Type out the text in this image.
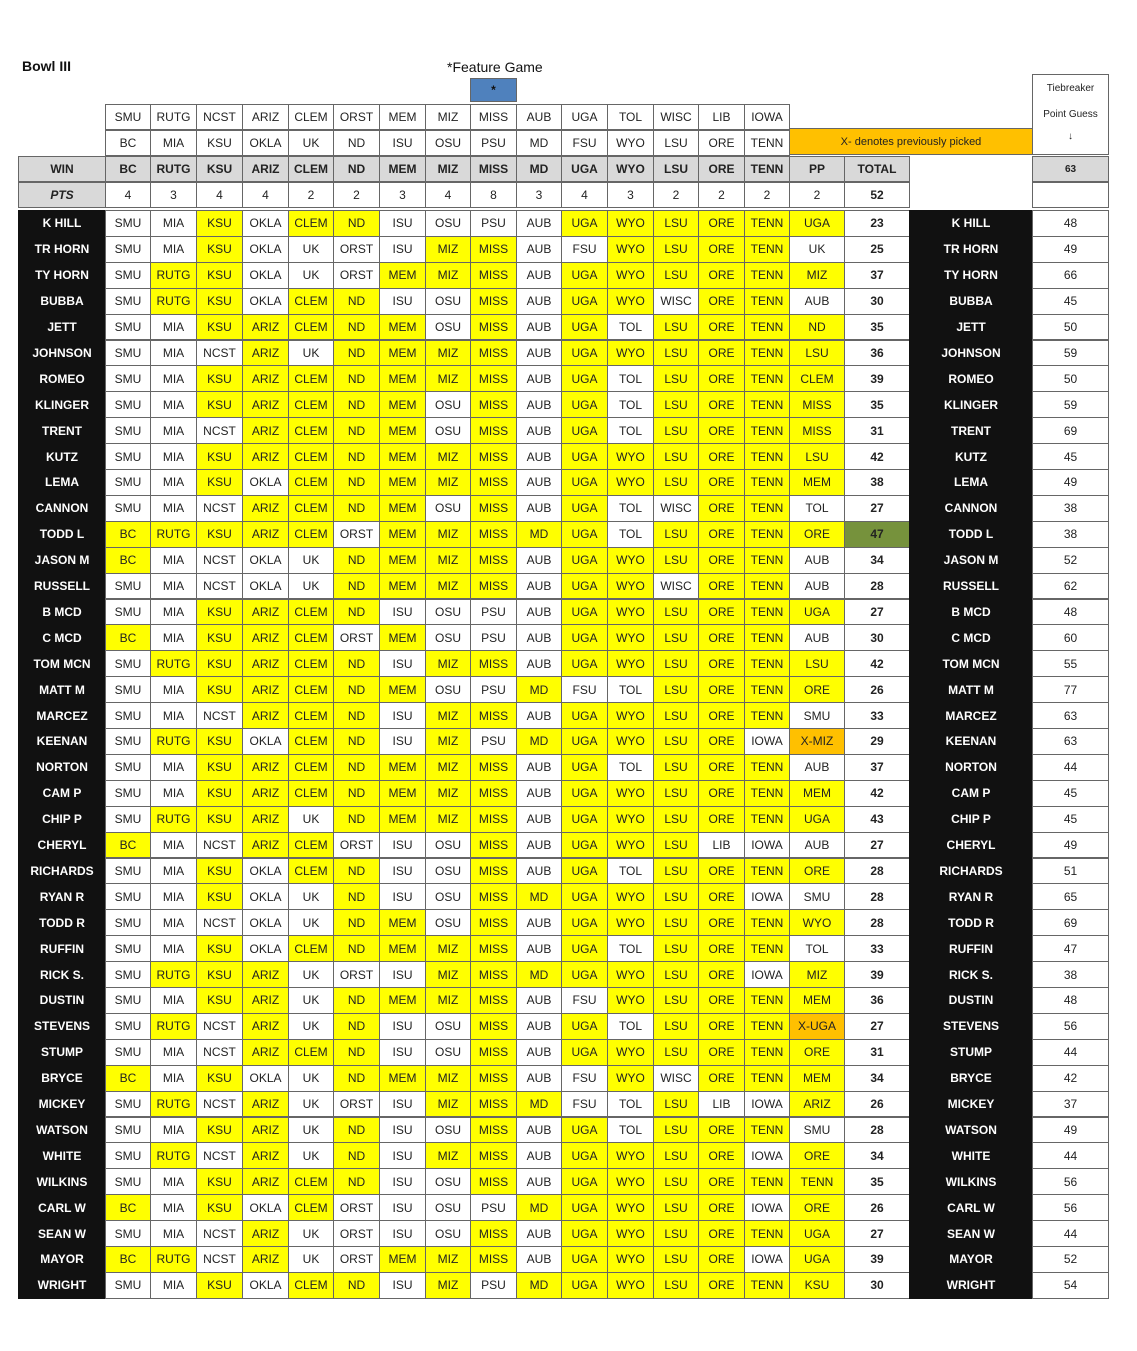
Bowl III	*Feature Game
*
SMU	RUTG	NCST	ARIZ	CLEM	ORST	MEM	MIZ	MISS	AUB	UGA	TOL	WISC	LIB	IOWA
BC	MIA	KSU	OKLA	UK	ND	ISU	OSU	PSU	MD	FSU	WYO	LSU	ORE	TENN	X- denotes previously picked
WIN	BC	RUTG	KSU	ARIZ	CLEM	ND	MEM	MIZ	MISS	MD	UGA	WYO	LSU	ORE	TENN	PP	TOTAL
PTS	4	3	4	4	2	2	3	4	8	3	4	3	2	2	2	2	52
Tiebreaker
Point Guess
↓
63
K HILL	SMU	MIA	KSU	OKLA	CLEM	ND	ISU	OSU	PSU	AUB	UGA	WYO	LSU	ORE	TENN	UGA	23	K HILL	48
TR HORN	SMU	MIA	KSU	OKLA	UK	ORST	ISU	MIZ	MISS	AUB	FSU	WYO	LSU	ORE	TENN	UK	25	TR HORN	49
TY HORN	SMU	RUTG	KSU	OKLA	UK	ORST	MEM	MIZ	MISS	AUB	UGA	WYO	LSU	ORE	TENN	MIZ	37	TY HORN	66
BUBBA	SMU	RUTG	KSU	OKLA	CLEM	ND	ISU	OSU	MISS	AUB	UGA	WYO	WISC	ORE	TENN	AUB	30	BUBBA	45
JETT	SMU	MIA	KSU	ARIZ	CLEM	ND	MEM	OSU	MISS	AUB	UGA	TOL	LSU	ORE	TENN	ND	35	JETT	50
JOHNSON	SMU	MIA	NCST	ARIZ	UK	ND	MEM	MIZ	MISS	AUB	UGA	WYO	LSU	ORE	TENN	LSU	36	JOHNSON	59
ROMEO	SMU	MIA	KSU	ARIZ	CLEM	ND	MEM	MIZ	MISS	AUB	UGA	TOL	LSU	ORE	TENN	CLEM	39	ROMEO	50
KLINGER	SMU	MIA	KSU	ARIZ	CLEM	ND	MEM	OSU	MISS	AUB	UGA	TOL	LSU	ORE	TENN	MISS	35	KLINGER	59
TRENT	SMU	MIA	NCST	ARIZ	CLEM	ND	MEM	OSU	MISS	AUB	UGA	TOL	LSU	ORE	TENN	MISS	31	TRENT	69
KUTZ	SMU	MIA	KSU	ARIZ	CLEM	ND	MEM	MIZ	MISS	AUB	UGA	WYO	LSU	ORE	TENN	LSU	42	KUTZ	45
LEMA	SMU	MIA	KSU	OKLA	CLEM	ND	MEM	MIZ	MISS	AUB	UGA	WYO	LSU	ORE	TENN	MEM	38	LEMA	49
CANNON	SMU	MIA	NCST	ARIZ	CLEM	ND	MEM	OSU	MISS	AUB	UGA	TOL	WISC	ORE	TENN	TOL	27	CANNON	38
TODD L	BC	RUTG	KSU	ARIZ	CLEM	ORST	MEM	MIZ	MISS	MD	UGA	TOL	LSU	ORE	TENN	ORE	47	TODD L	38
JASON M	BC	MIA	NCST	OKLA	UK	ND	MEM	MIZ	MISS	AUB	UGA	WYO	LSU	ORE	TENN	AUB	34	JASON M	52
RUSSELL	SMU	MIA	NCST	OKLA	UK	ND	MEM	MIZ	MISS	AUB	UGA	WYO	WISC	ORE	TENN	AUB	28	RUSSELL	62
B MCD	SMU	MIA	KSU	ARIZ	CLEM	ND	ISU	OSU	PSU	AUB	UGA	WYO	LSU	ORE	TENN	UGA	27	B MCD	48
C MCD	BC	MIA	KSU	ARIZ	CLEM	ORST	MEM	OSU	PSU	AUB	UGA	WYO	LSU	ORE	TENN	AUB	30	C MCD	60
TOM MCN	SMU	RUTG	KSU	ARIZ	CLEM	ND	ISU	MIZ	MISS	AUB	UGA	WYO	LSU	ORE	TENN	LSU	42	TOM MCN	55
MATT M	SMU	MIA	KSU	ARIZ	CLEM	ND	MEM	OSU	PSU	MD	FSU	TOL	LSU	ORE	TENN	ORE	26	MATT M	77
MARCEZ	SMU	MIA	NCST	ARIZ	CLEM	ND	ISU	MIZ	MISS	AUB	UGA	WYO	LSU	ORE	TENN	SMU	33	MARCEZ	63
KEENAN	SMU	RUTG	KSU	OKLA	CLEM	ND	ISU	MIZ	PSU	MD	UGA	WYO	LSU	ORE	IOWA	X-MIZ	29	KEENAN	63
NORTON	SMU	MIA	KSU	ARIZ	CLEM	ND	MEM	MIZ	MISS	AUB	UGA	TOL	LSU	ORE	TENN	AUB	37	NORTON	44
CAM P	SMU	MIA	KSU	ARIZ	CLEM	ND	MEM	MIZ	MISS	AUB	UGA	WYO	LSU	ORE	TENN	MEM	42	CAM P	45
CHIP P	SMU	RUTG	KSU	ARIZ	UK	ND	MEM	MIZ	MISS	AUB	UGA	WYO	LSU	ORE	TENN	UGA	43	CHIP P	45
CHERYL	BC	MIA	NCST	ARIZ	CLEM	ORST	ISU	OSU	MISS	AUB	UGA	WYO	LSU	LIB	IOWA	AUB	27	CHERYL	49
RICHARDS	SMU	MIA	KSU	OKLA	CLEM	ND	ISU	OSU	MISS	AUB	UGA	TOL	LSU	ORE	TENN	ORE	28	RICHARDS	51
RYAN R	SMU	MIA	KSU	OKLA	UK	ND	ISU	OSU	MISS	MD	UGA	WYO	LSU	ORE	IOWA	SMU	28	RYAN R	65
TODD R	SMU	MIA	NCST	OKLA	UK	ND	MEM	OSU	MISS	AUB	UGA	WYO	LSU	ORE	TENN	WYO	28	TODD R	69
RUFFIN	SMU	MIA	KSU	OKLA	CLEM	ND	MEM	MIZ	MISS	AUB	UGA	TOL	LSU	ORE	TENN	TOL	33	RUFFIN	47
RICK S.	SMU	RUTG	KSU	ARIZ	UK	ORST	ISU	MIZ	MISS	MD	UGA	WYO	LSU	ORE	IOWA	MIZ	39	RICK S.	38
DUSTIN	SMU	MIA	KSU	ARIZ	UK	ND	MEM	MIZ	MISS	AUB	FSU	WYO	LSU	ORE	TENN	MEM	36	DUSTIN	48
STEVENS	SMU	RUTG	NCST	ARIZ	UK	ND	ISU	OSU	MISS	AUB	UGA	TOL	LSU	ORE	TENN	X-UGA	27	STEVENS	56
STUMP	SMU	MIA	NCST	ARIZ	CLEM	ND	ISU	OSU	MISS	AUB	UGA	WYO	LSU	ORE	TENN	ORE	31	STUMP	44
BRYCE	BC	MIA	KSU	OKLA	UK	ND	MEM	MIZ	MISS	AUB	FSU	WYO	WISC	ORE	TENN	MEM	34	BRYCE	42
MICKEY	SMU	RUTG	NCST	ARIZ	UK	ORST	ISU	MIZ	MISS	MD	FSU	TOL	LSU	LIB	IOWA	ARIZ	26	MICKEY	37
WATSON	SMU	MIA	KSU	ARIZ	UK	ND	ISU	OSU	MISS	AUB	UGA	TOL	LSU	ORE	TENN	SMU	28	WATSON	49
WHITE	SMU	RUTG	NCST	ARIZ	UK	ND	ISU	MIZ	MISS	AUB	UGA	WYO	LSU	ORE	IOWA	ORE	34	WHITE	44
WILKINS	SMU	MIA	KSU	ARIZ	CLEM	ND	ISU	OSU	MISS	AUB	UGA	WYO	LSU	ORE	TENN	TENN	35	WILKINS	56
CARL W	BC	MIA	KSU	OKLA	CLEM	ORST	ISU	OSU	PSU	MD	UGA	WYO	LSU	ORE	IOWA	ORE	26	CARL W	56
SEAN W	SMU	MIA	NCST	ARIZ	UK	ORST	ISU	OSU	MISS	AUB	UGA	WYO	LSU	ORE	TENN	UGA	27	SEAN W	44
MAYOR	BC	RUTG	NCST	ARIZ	UK	ORST	MEM	MIZ	MISS	AUB	UGA	WYO	LSU	ORE	IOWA	UGA	39	MAYOR	52
WRIGHT	SMU	MIA	KSU	OKLA	CLEM	ND	ISU	MIZ	PSU	MD	UGA	WYO	LSU	ORE	TENN	KSU	30	WRIGHT	54
